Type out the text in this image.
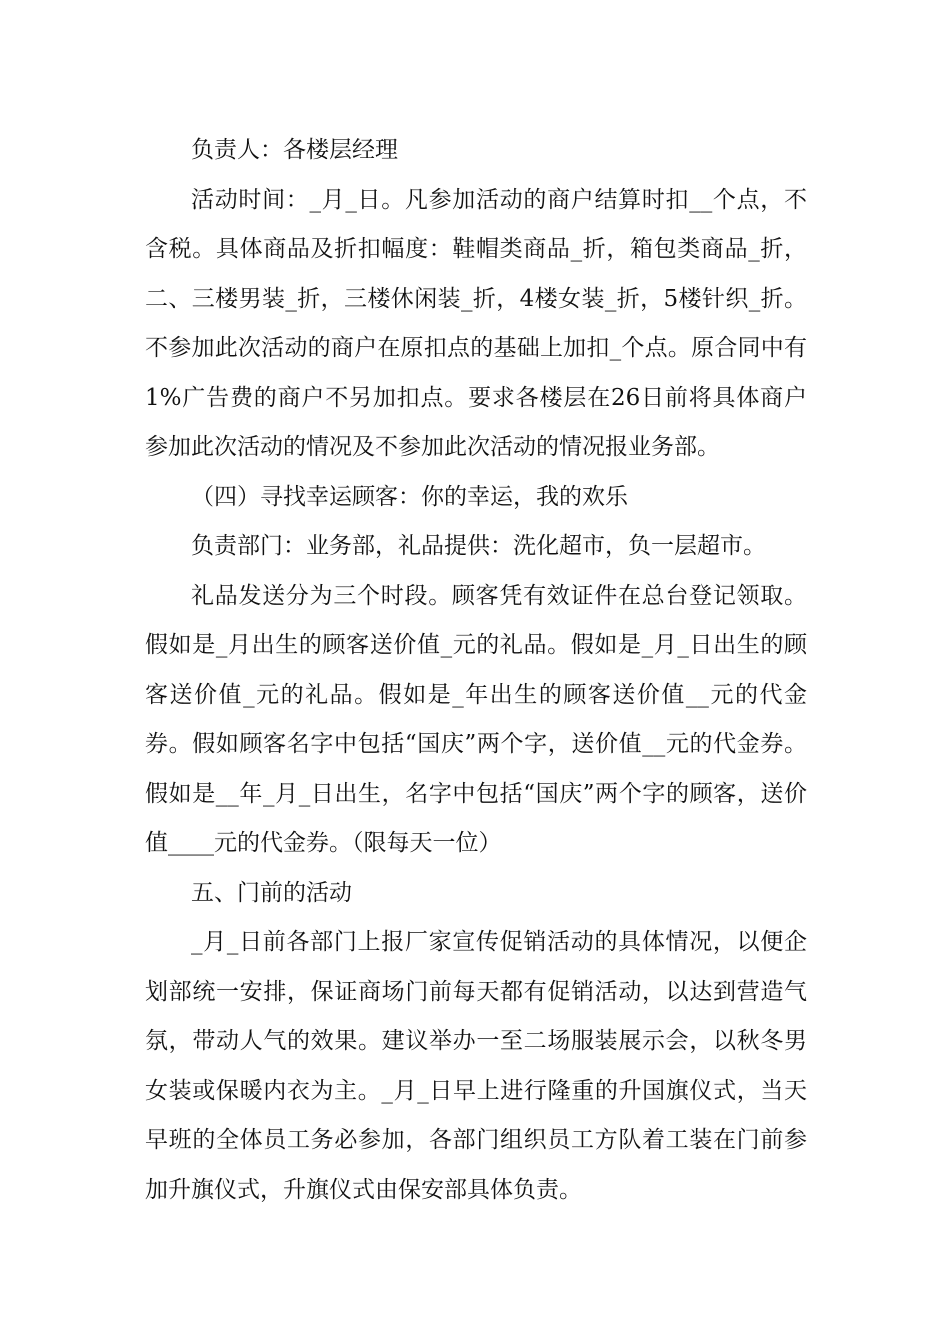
负责人：各楼层经理

活动时间：_月_日。凡参加活动的商户结算时扣__个点，不含税。具体商品及折扣幅度：鞋帽类商品_折，箱包类商品_折，二、三楼男装_折，三楼休闲装_折，4楼女装_折，5楼针织_折。不参加此次活动的商户在原扣点的基础上加扣_个点。原合同中有1%广告费的商户不另加扣点。要求各楼层在26日前将具体商户参加此次活动的情况及不参加此次活动的情况报业务部。

（四）寻找幸运顾客：你的幸运，我的欢乐

负责部门：业务部，礼品提供：洗化超市，负一层超市。

礼品发送分为三个时段。顾客凭有效证件在总台登记领取。假如是_月出生的顾客送价值_元的礼品。假如是_月_日出生的顾客送价值_元的礼品。假如是_年出生的顾客送价值__元的代金券。假如顾客名字中包括“国庆”两个字，送价值__元的代金券。假如是__年_月_日出生，名字中包括“国庆”两个字的顾客，送价值____元的代金券。（限每天一位）

五、门前的活动

_月_日前各部门上报厂家宣传促销活动的具体情况，以便企划部统一安排，保证商场门前每天都有促销活动，以达到营造气氛，带动人气的效果。建议举办一至二场服装展示会，以秋冬男女装或保暖内衣为主。_月_日早上进行隆重的升国旗仪式，当天早班的全体员工务必参加，各部门组织员工方队着工装在门前参加升旗仪式，升旗仪式由保安部具体负责。
